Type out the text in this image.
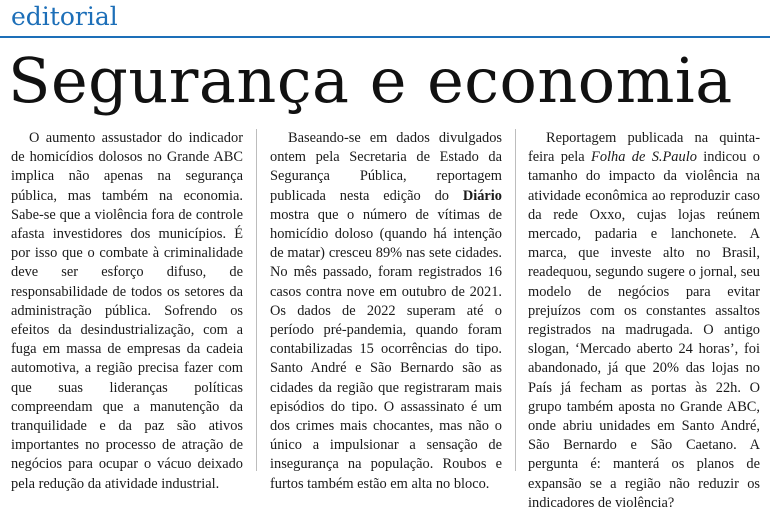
editorial
Segurança e economia

O aumento assustador do indicador de homicídios dolosos no Grande ABC implica não apenas na segurança pública, mas também na economia. Sabe-se que a violência fora de controle afasta investidores dos municípios. É por isso que o combate à criminalidade deve ser esforço difuso, de responsabilidade de todos os setores da administração pública. Sofrendo os efeitos da desindustrialização, com a fuga em massa de empresas da cadeia automotiva, a região precisa fazer com que suas lideranças políticas compreendam que a manutenção da tranquilidade e da paz são ativos importantes no processo de atração de negócios para ocupar o vácuo deixado pela redução da atividade industrial.

Baseando-se em dados divulgados ontem pela Secretaria de Estado da Segurança Pública, reportagem publicada nesta edição do Diário mostra que o número de vítimas de homicídio doloso (quando há intenção de matar) cresceu 89% nas sete cidades. No mês passado, foram registrados 16 casos contra nove em outubro de 2021. Os dados de 2022 superam até o período pré-pandemia, quando foram contabilizadas 15 ocorrências do tipo. Santo André e São Bernardo são as cidades da região que registraram mais episódios do tipo. O assassinato é um dos crimes mais chocantes, mas não o único a impulsionar a sensação de insegurança na população. Roubos e furtos também estão em alta no bloco.

Reportagem publicada na quinta-feira pela Folha de S.Paulo indicou o tamanho do impacto da violência na atividade econômica ao reproduzir caso da rede Oxxo, cujas lojas reúnem mercado, padaria e lanchonete. A marca, que investe alto no Brasil, readequou, segundo sugere o jornal, seu modelo de negócios para evitar prejuízos com os constantes assaltos registrados na madrugada. O antigo slogan, ‘Mercado aberto 24 horas’, foi abandonado, já que 20% das lojas no País já fecham as portas às 22h. O grupo também aposta no Grande ABC, onde abriu unidades em Santo André, São Bernardo e São Caetano. A pergunta é: manterá os planos de expansão se a região não reduzir os indicadores de violência?
